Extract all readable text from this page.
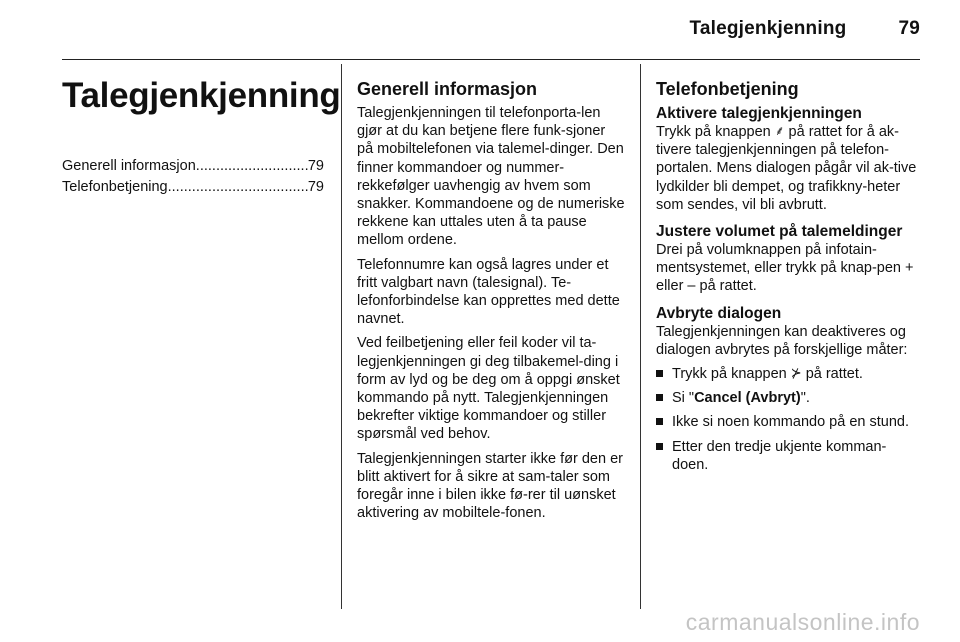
Talegjenkjenning	79
Talegjenkjenning
Generell informasjon .....	79
Telefonbetjening .....	79
Generell informasjon

Talegjenkjenningen til telefonporta-len gjør at du kan betjene flere funk-sjoner på mobiltelefonen via talemel-dinger. Den finner kommandoer og nummer-rekkefølger uavhengig av hvem som snakker. Kommandoene og de numeriske rekkene kan uttales uten å ta pause mellom ordene.

Telefonnumre kan også lagres under et fritt valgbart navn (talesignal). Te-lefonforbindelse kan opprettes med dette navnet.

Ved feilbetjening eller feil koder vil ta-legjenkjenningen gi deg tilbakemel-ding i form av lyd og be deg om å oppgi ønsket kommando på nytt. Talegjenkjenningen bekrefter viktige kommandoer og stiller spørsmål ved behov.

Talegjenkjenningen starter ikke før den er blitt aktivert for å sikre at sam-taler som foregår inne i bilen ikke fø-rer til uønsket aktivering av mobiltele-fonen.

Telefonbetjening
Aktivere talegjenkjenningen

Trykk på knappen ⸙ på rattet for å ak-tivere talegjenkjenningen på telefon-portalen. Mens dialogen pågår vil ak-tive lydkilder bli dempet, og trafikkny-heter som sendes, vil bli avbrutt.

Justere volumet på talemeldinger

Drei på volumknappen på infotain-mentsystemet, eller trykk på knap-pen + eller – på rattet.

Avbryte dialogen

Talegjenkjenningen kan deaktiveres og dialogen avbrytes på forskjellige måter:

Trykk på knappen ⊁ på rattet.
Si "Cancel (Avbryt)".
Ikke si noen kommando på en stund.
Etter den tredje ukjente komman-doen.
carmanualsonline.info
